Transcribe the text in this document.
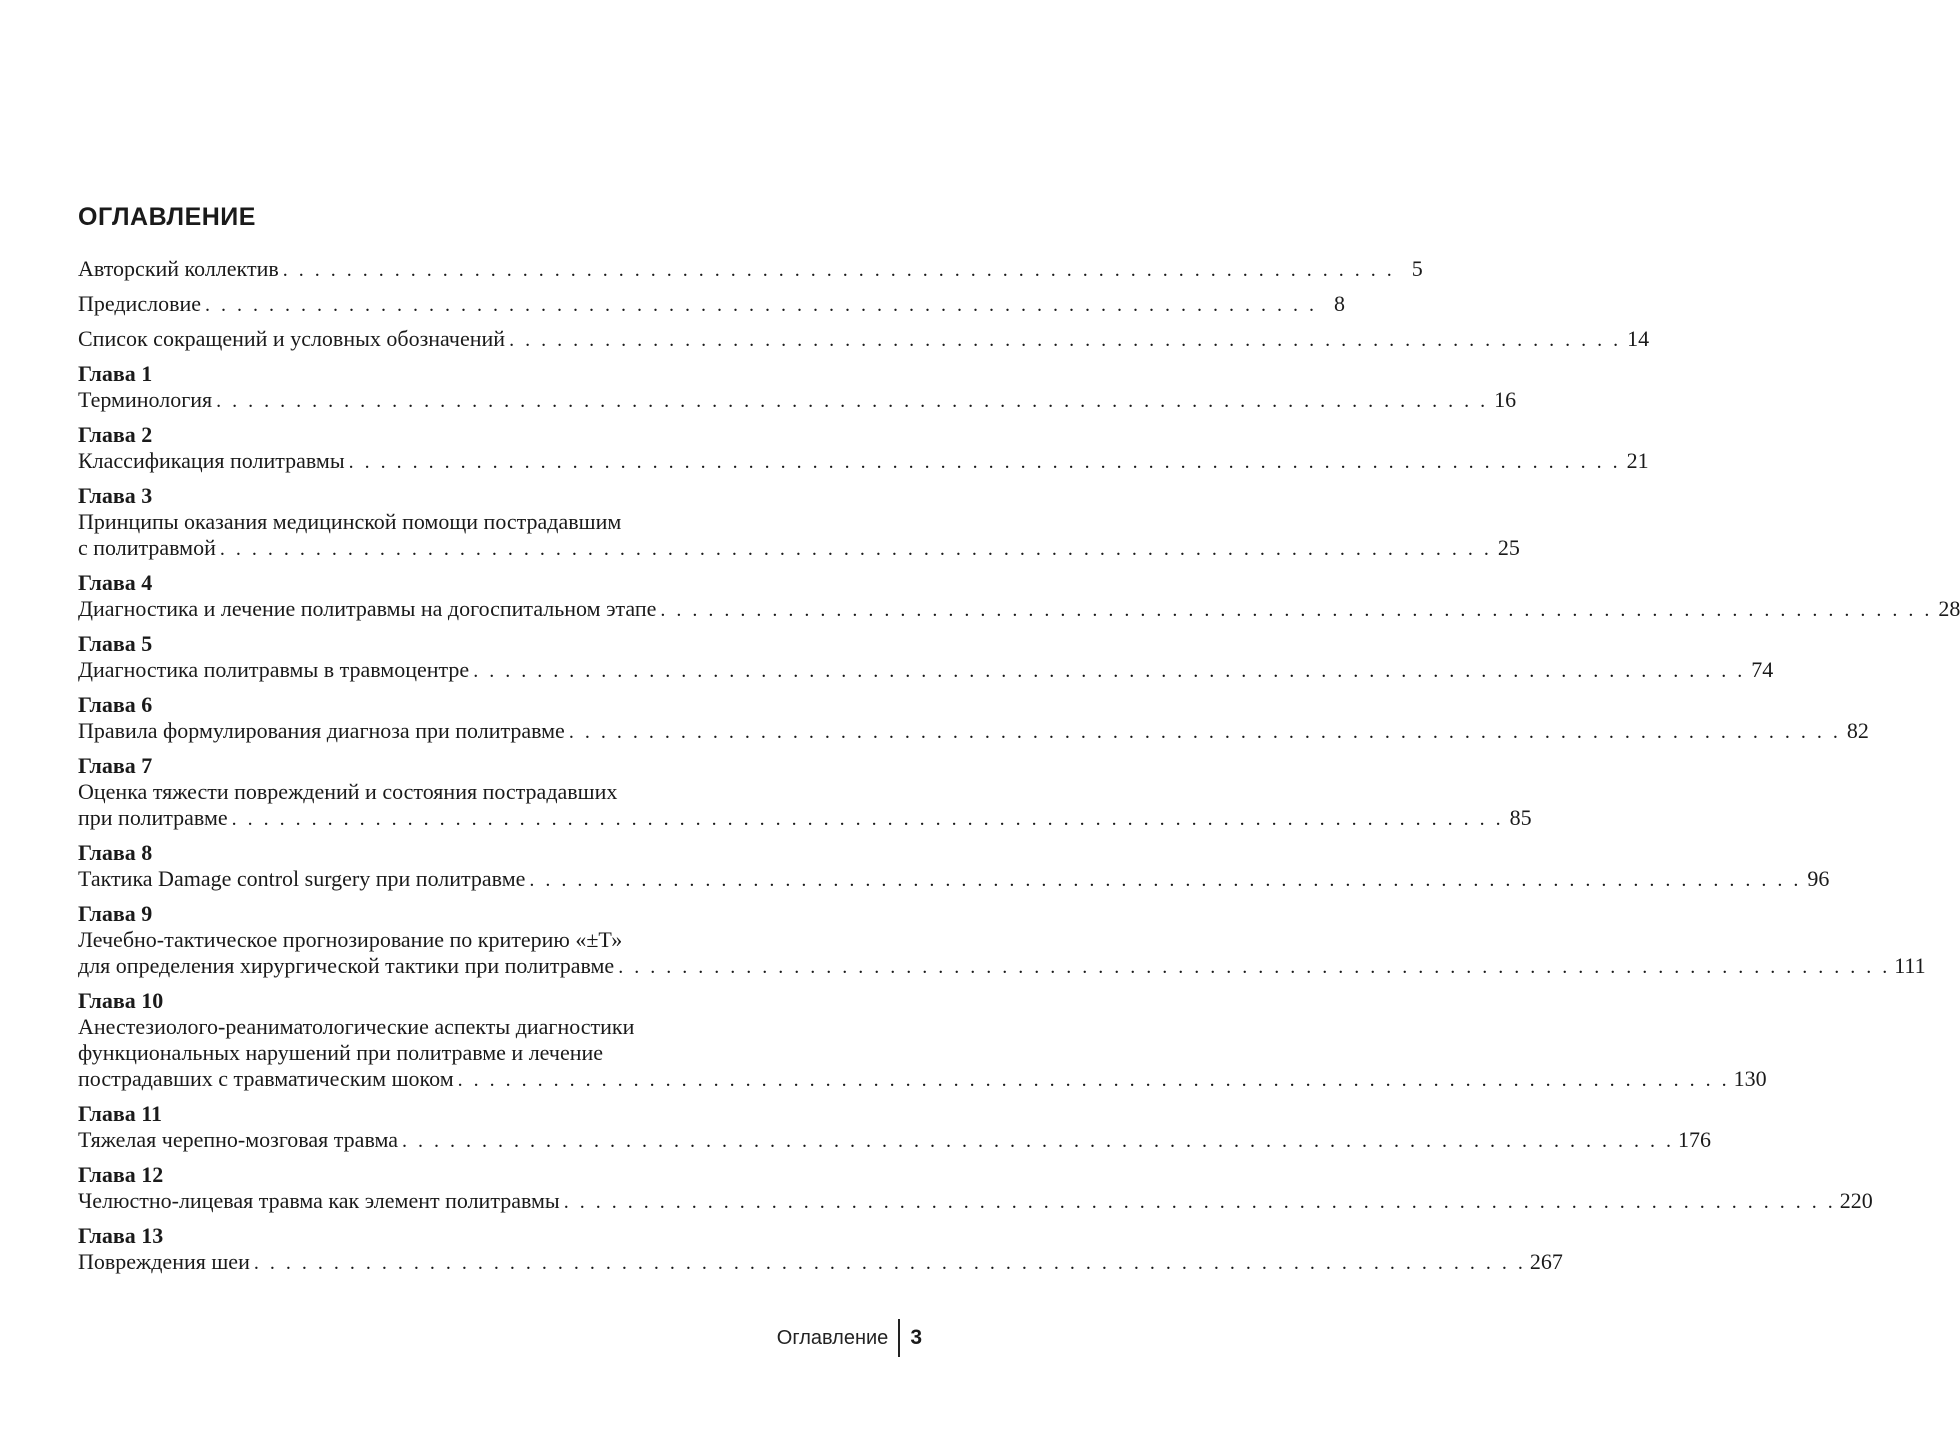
ОГЛАВЛЕНИЕ
Авторский коллектив . . . . . . . . . . . . . . . . . . . . . . . . . . . . . . . . . . . . . . . . . . . . . . . . . . . . . . . . . . . . . . . . . . . . . . 5
Предисловие . . . . . . . . . . . . . . . . . . . . . . . . . . . . . . . . . . . . . . . . . . . . . . . . . . . . . . . . . . . . . . . . . . . . . . 8
Список сокращений и условных обозначений . . . . . . . . . . . . . . . . . . . . . . . . . . . . . . . . . . . . . . . . . . . . . . . . . . . . . . . . . . . . . . . . . . . . . . 14
Глава 1
Терминология . . . . . . . . . . . . . . . . . . . . . . . . . . . . . . . . . . . . . . . . . . . . . . . . . . . . . . . . . . . . . . . . . . . . . . . . . . . . . . . . 16
Глава 2
Классификация политравмы . . . . . . . . . . . . . . . . . . . . . . . . . . . . . . . . . . . . . . . . . . . . . . . . . . . . . . . . . . . . . . . . . . . . . . . . . . . . . . . . 21
Глава 3
Принципы оказания медицинской помощи пострадавшим
с политравмой . . . . . . . . . . . . . . . . . . . . . . . . . . . . . . . . . . . . . . . . . . . . . . . . . . . . . . . . . . . . . . . . . . . . . . . . . . . . . . . . 25
Глава 4
Диагностика и лечение политравмы на догоспитальном этапе . . . . . . . . . . . . . . . . . . . . . . . . . . . . . . . . . . . . . . . . . . . . . . . . . . . . . . . . . . . . . . . . . . . . . . . . . . . . . . . . 28
Глава 5
Диагностика политравмы в травмоцентре . . . . . . . . . . . . . . . . . . . . . . . . . . . . . . . . . . . . . . . . . . . . . . . . . . . . . . . . . . . . . . . . . . . . . . . . . . . . . . . . 74
Глава 6
Правила формулирования диагноза при политравме . . . . . . . . . . . . . . . . . . . . . . . . . . . . . . . . . . . . . . . . . . . . . . . . . . . . . . . . . . . . . . . . . . . . . . . . . . . . . . . . 82
Глава 7
Оценка тяжести повреждений и состояния пострадавших
при политравме . . . . . . . . . . . . . . . . . . . . . . . . . . . . . . . . . . . . . . . . . . . . . . . . . . . . . . . . . . . . . . . . . . . . . . . . . . . . . . . . 85
Глава 8
Тактика Damage control surgery при политравме . . . . . . . . . . . . . . . . . . . . . . . . . . . . . . . . . . . . . . . . . . . . . . . . . . . . . . . . . . . . . . . . . . . . . . . . . . . . . . . . 96
Глава 9
Лечебно-тактическое прогнозирование по критерию «±Т»
для определения хирургической тактики при политравме . . . . . . . . . . . . . . . . . . . . . . . . . . . . . . . . . . . . . . . . . . . . . . . . . . . . . . . . . . . . . . . . . . . . . . . . . . . . . . . . 111
Глава 10
Анестезиолого-реаниматологические аспекты диагностики
функциональных нарушений при политравме и лечение
пострадавших с травматическим шоком . . . . . . . . . . . . . . . . . . . . . . . . . . . . . . . . . . . . . . . . . . . . . . . . . . . . . . . . . . . . . . . . . . . . . . . . . . . . . . . . 130
Глава 11
Тяжелая черепно-мозговая травма . . . . . . . . . . . . . . . . . . . . . . . . . . . . . . . . . . . . . . . . . . . . . . . . . . . . . . . . . . . . . . . . . . . . . . . . . . . . . . . . 176
Глава 12
Челюстно-лицевая травма как элемент политравмы . . . . . . . . . . . . . . . . . . . . . . . . . . . . . . . . . . . . . . . . . . . . . . . . . . . . . . . . . . . . . . . . . . . . . . . . . . . . . . . . 220
Глава 13
Повреждения шеи . . . . . . . . . . . . . . . . . . . . . . . . . . . . . . . . . . . . . . . . . . . . . . . . . . . . . . . . . . . . . . . . . . . . . . . . . . . . . . . . 267
Оглавление	3
